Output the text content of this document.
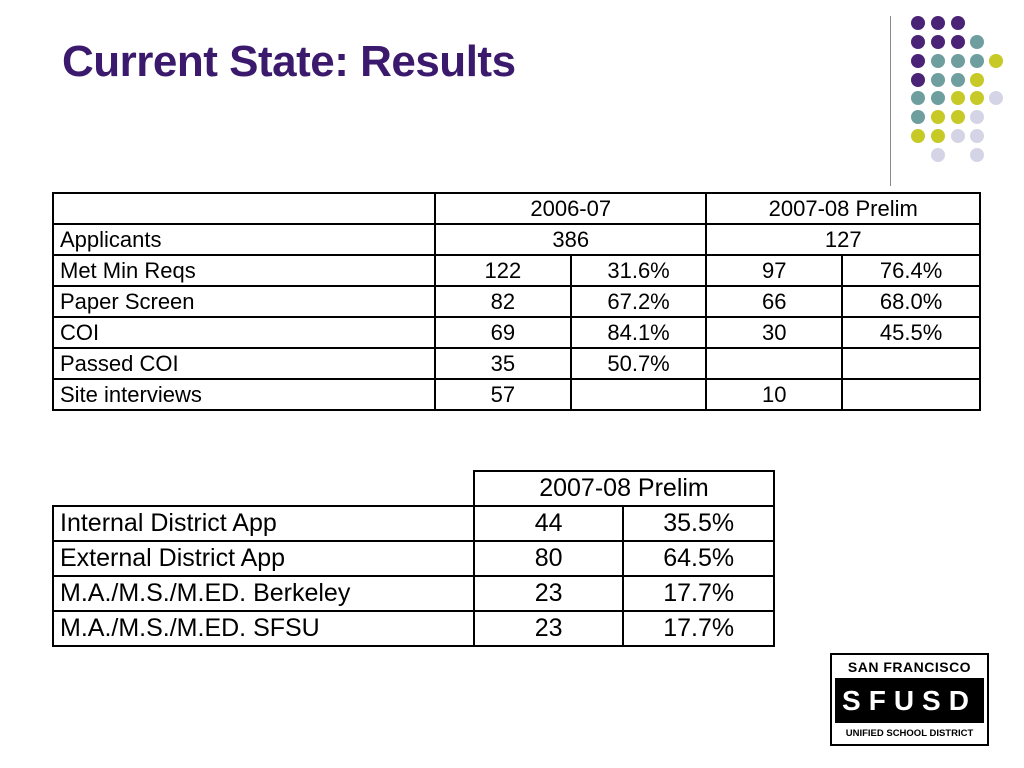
Current State: Results
	2006-07		2007-08 Prelim	
Applicants	386		127	
Met Min Reqs	122	31.6%	97	76.4%
Paper Screen	82	67.2%	66	68.0%
COI	69	84.1%	30	45.5%
Passed COI	35	50.7%		
Site interviews	57		10	
	2007-08 Prelim	
Internal District App	44	35.5%
External District App	80	64.5%
M.A./M.S./M.ED. Berkeley	23	17.7%
M.A./M.S./M.ED. SFSU	23	17.7%
SAN FRANCISCO
SFUSD
UNIFIED SCHOOL DISTRICT
